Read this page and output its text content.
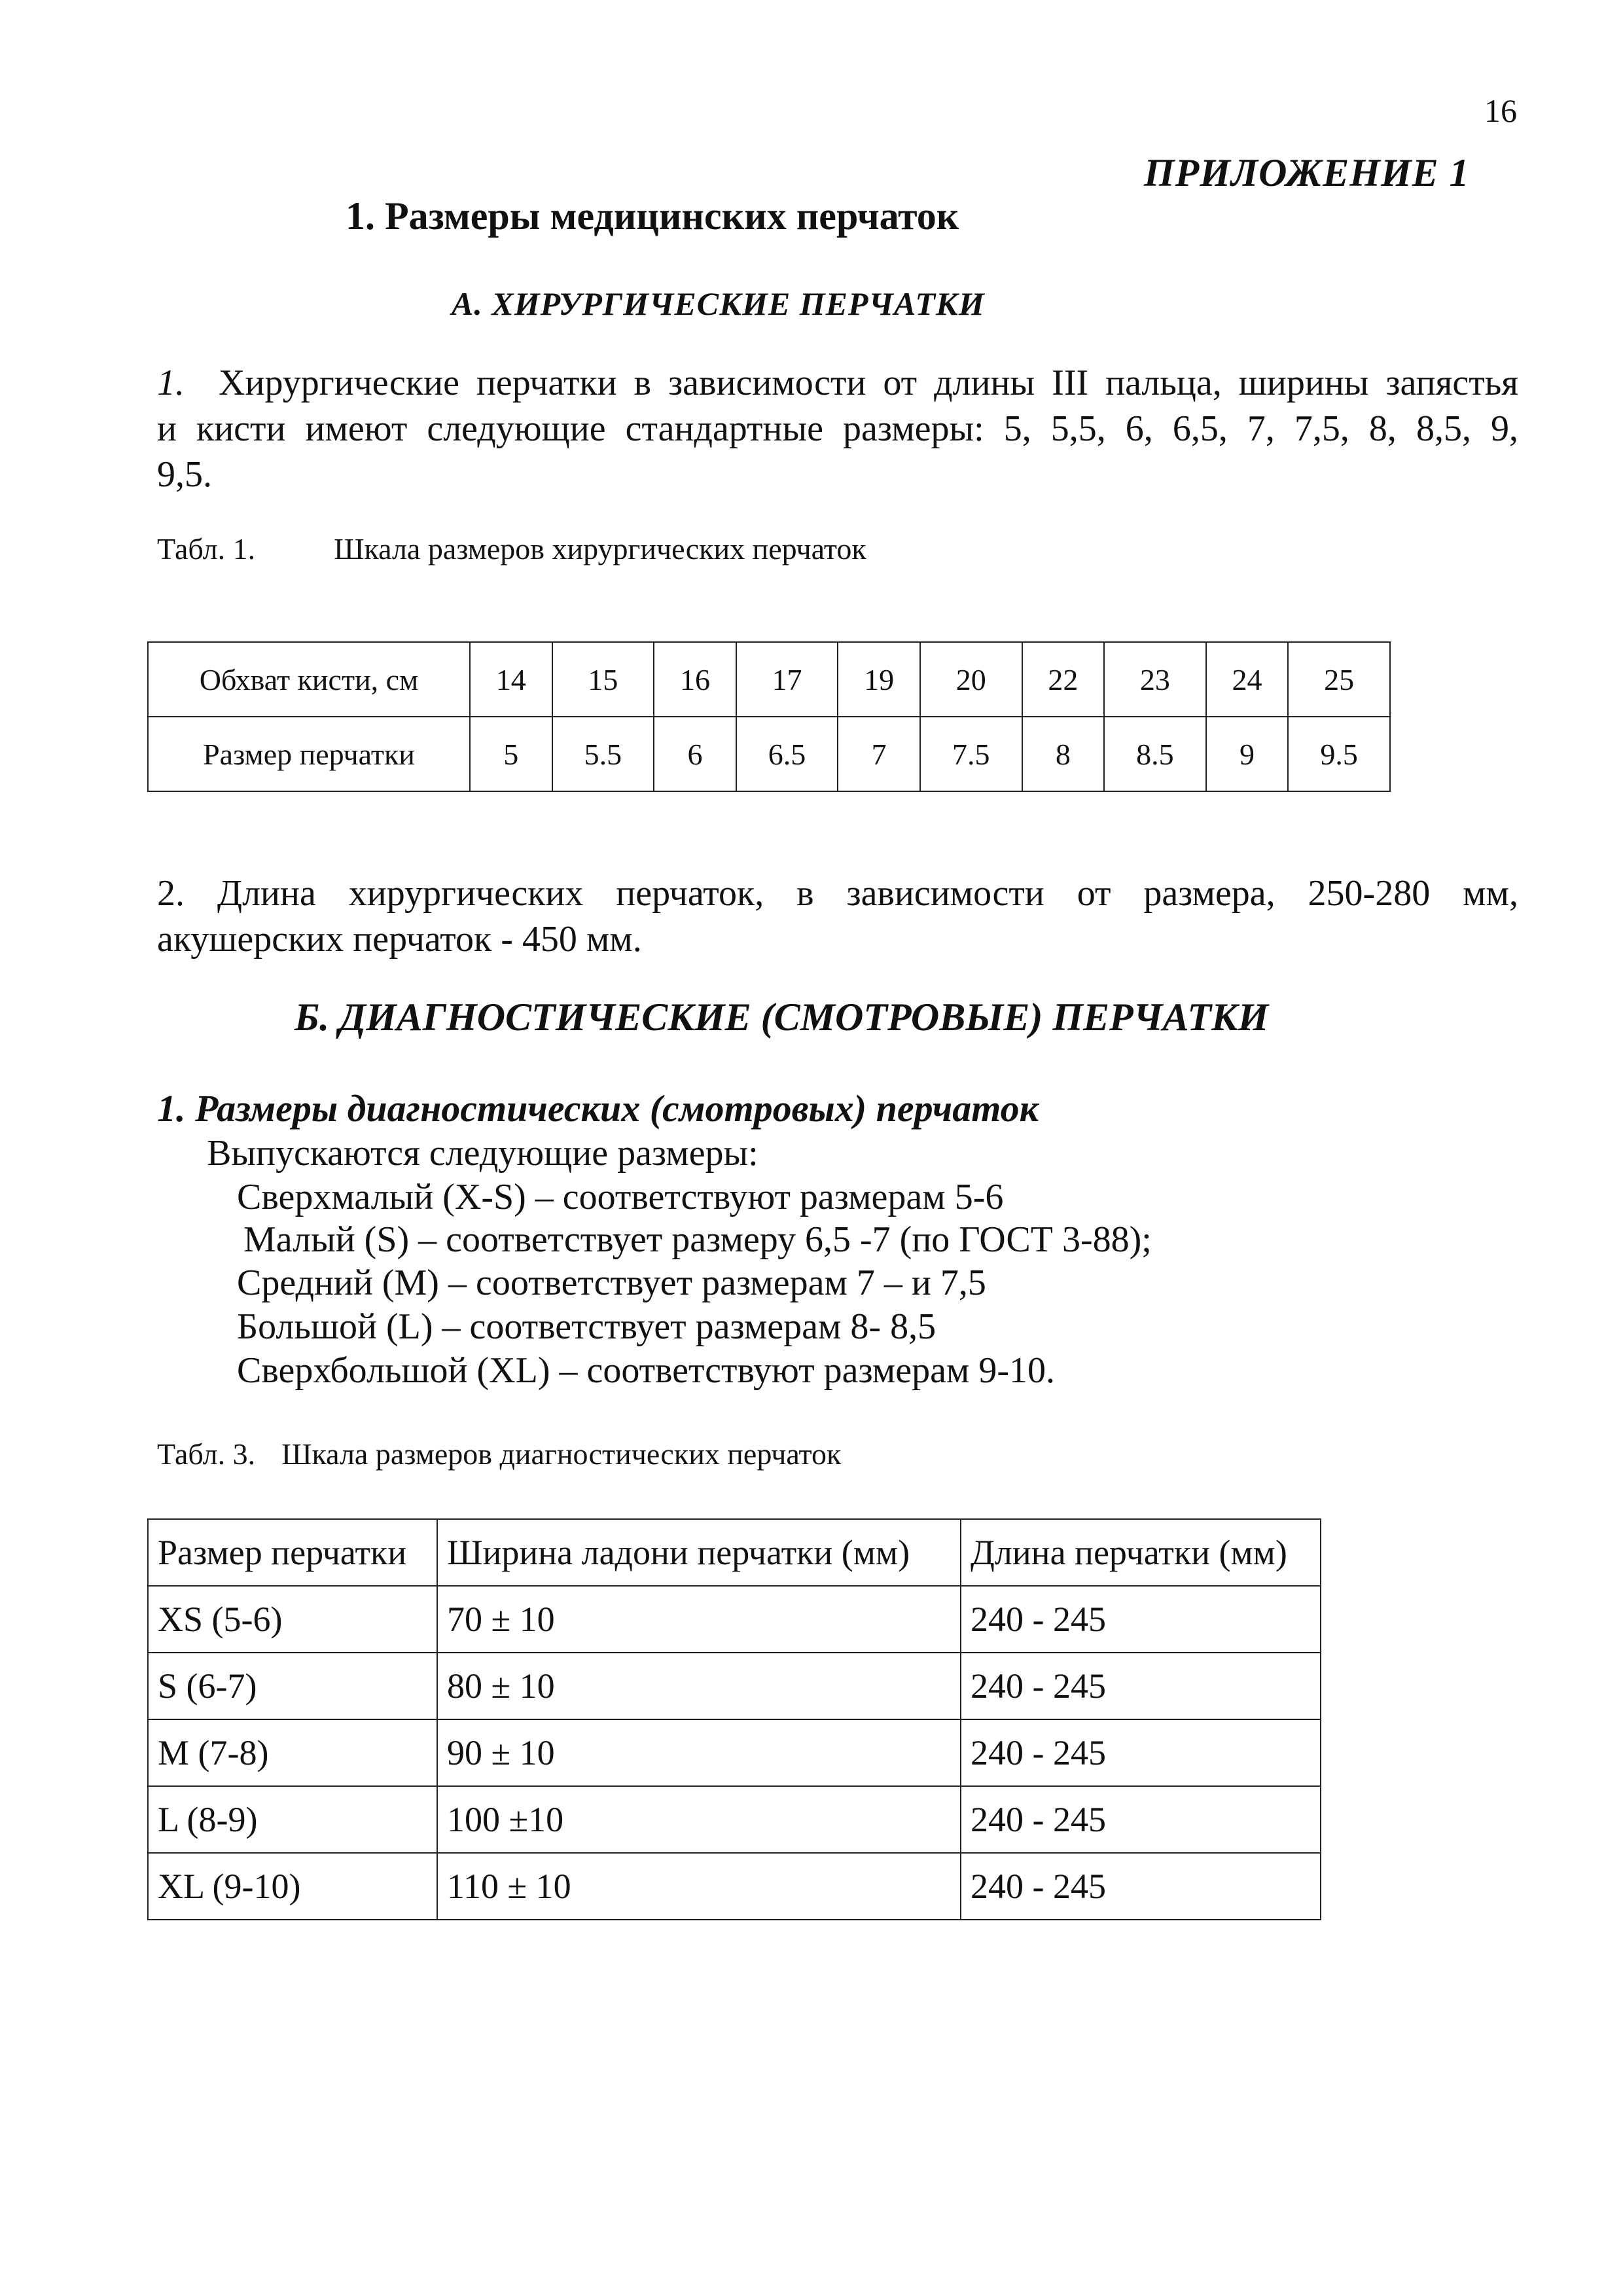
16
ПРИЛОЖЕНИЕ 1
1. Размеры медицинских перчаток
А. ХИРУРГИЧЕСКИЕ ПЕРЧАТКИ
1. Хирургические перчатки в зависимости от длины III пальца, ширины запястья
и кисти имеют следующие стандартные размеры: 5, 5,5, 6, 6,5, 7, 7,5, 8, 8,5, 9,
9,5.
Табл. 1.	Шкала размеров хирургических перчаток
Обхват кисти, см	14	15	16	17	19	20	22	23	24	25
Размер перчатки	5	5.5	6	6.5	7	7.5	8	8.5	9	9.5
2. Длина хирургических перчаток, в зависимости от размера, 250-280 мм,
акушерских перчаток - 450 мм.
Б. ДИАГНОСТИЧЕСКИЕ (СМОТРОВЫЕ) ПЕРЧАТКИ
1. Размеры диагностических (смотровых) перчаток
Выпускаются следующие размеры:
Сверхмалый (X-S) – соответствуют размерам 5-6
Малый (S) – соответствует размеру 6,5 -7 (по ГОСТ 3-88);
Средний (M) – соответствует размерам 7 – и 7,5
Большой (L) – соответствует размерам 8- 8,5
Сверхбольшой (XL) – соответствуют размерам 9-10.
Табл. 3. Шкала размеров диагностических перчаток
Размер перчатки	Ширина ладони перчатки (мм)	Длина перчатки (мм)
XS (5-6)	70 ± 10	240 - 245
S (6-7)	80 ± 10	240 - 245
M (7-8)	90 ± 10	240 - 245
L (8-9)	100 ±10	240 - 245
XL (9-10)	110 ± 10	240 - 245
